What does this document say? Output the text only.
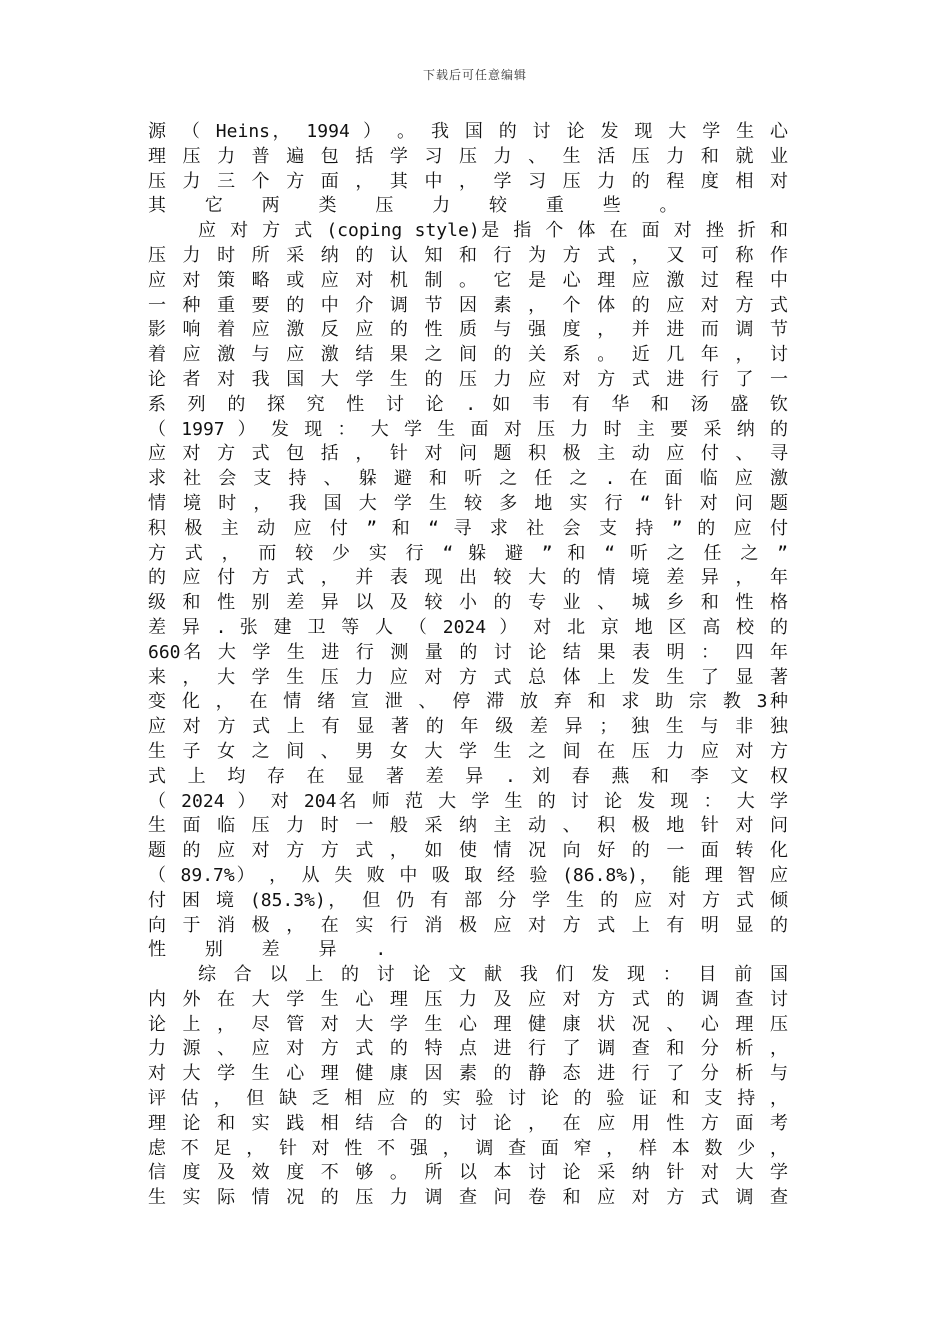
下载后可任意编辑
源 （ Heins， 1994 ） 。 我 国 的 讨 论 发 现 大 学 生 心
理 压 力 普 遍 包 括 学 习 压 力 、 生 活 压 力 和 就 业
压 力 三 个 方 面 ， 其 中 ， 学 习 压 力 的 程 度 相 对
其 它 两 类 压 力 较 重 些 。
应 对 方 式 (coping style)是 指 个 体 在 面 对 挫 折 和
压 力 时 所 采 纳 的 认 知 和 行 为 方 式 ， 又 可 称 作
应 对 策 略 或 应 对 机 制 。 它 是 心 理 应 激 过 程 中
一 种 重 要 的 中 介 调 节 因 素 ， 个 体 的 应 对 方 式
影 响 着 应 激 反 应 的 性 质 与 强 度 ， 并 进 而 调 节
着 应 激 与 应 激 结 果 之 间 的 关 系 。 近 几 年 ， 讨
论 者 对 我 国 大 学 生 的 压 力 应 对 方 式 进 行 了 一
系 列 的 探 究 性 讨 论 . 如 韦 有 华 和 汤 盛 钦
（ 1997 ） 发 现 ： 大 学 生 面 对 压 力 时 主 要 采 纳 的
应 对 方 式 包 括 ， 针 对 问 题 积 极 主 动 应 付 、 寻
求 社 会 支 持 、 躲 避 和 听 之 任 之 . 在 面 临 应 激
情 境 时 ， 我 国 大 学 生 较 多 地 实 行 “ 针 对 问 题
积 极 主 动 应 付 ” 和 “ 寻 求 社 会 支 持 ” 的 应 付
方 式 ， 而 较 少 实 行 “ 躲 避 ” 和 “ 听 之 任 之 ”
的 应 付 方 式 ， 并 表 现 出 较 大 的 情 境 差 异 ， 年
级 和 性 别 差 异 以 及 较 小 的 专 业 、 城 乡 和 性 格
差 异 . 张 建 卫 等 人 （ 2024 ） 对 北 京 地 区 高 校 的
660名 大 学 生 进 行 测 量 的 讨 论 结 果 表 明 ： 四 年
来 ， 大 学 生 压 力 应 对 方 式 总 体 上 发 生 了 显 著
变 化 ， 在 情 绪 宣 泄 、 停 滞 放 弃 和 求 助 宗 教 3种
应 对 方 式 上 有 显 著 的 年 级 差 异 ； 独 生 与 非 独
生 子 女 之 间 、 男 女 大 学 生 之 间 在 压 力 应 对 方
式 上 均 存 在 显 著 差 异 . 刘 春 燕 和 李 文 权
（ 2024 ） 对 204名 师 范 大 学 生 的 讨 论 发 现 ： 大 学
生 面 临 压 力 时 一 般 采 纳 主 动 、 积 极 地 针 对 问
题 的 应 对 方 方 式 ， 如 使 情 况 向 好 的 一 面 转 化
（ 89.7%） ， 从 失 败 中 吸 取 经 验 (86.8%)， 能 理 智 应
付 困 境 (85.3%)， 但 仍 有 部 分 学 生 的 应 对 方 式 倾
向 于 消 极 ， 在 实 行 消 极 应 对 方 式 上 有 明 显 的
性 别 差 异 .
综 合 以 上 的 讨 论 文 献 我 们 发 现 ： 目 前 国
内 外 在 大 学 生 心 理 压 力 及 应 对 方 式 的 调 查 讨
论 上 ， 尽 管 对 大 学 生 心 理 健 康 状 况 、 心 理 压
力 源 、 应 对 方 式 的 特 点 进 行 了 调 查 和 分 析 ，
对 大 学 生 心 理 健 康 因 素 的 静 态 进 行 了 分 析 与
评 估 ， 但 缺 乏 相 应 的 实 验 讨 论 的 验 证 和 支 持 ，
理 论 和 实 践 相 结 合 的 讨 论 ， 在 应 用 性 方 面 考
虑 不 足 ， 针 对 性 不 强 ， 调 查 面 窄 ， 样 本 数 少 ，
信 度 及 效 度 不 够 。 所 以 本 讨 论 采 纳 针 对 大 学
生 实 际 情 况 的 压 力 调 查 问 卷 和 应 对 方 式 调 查
